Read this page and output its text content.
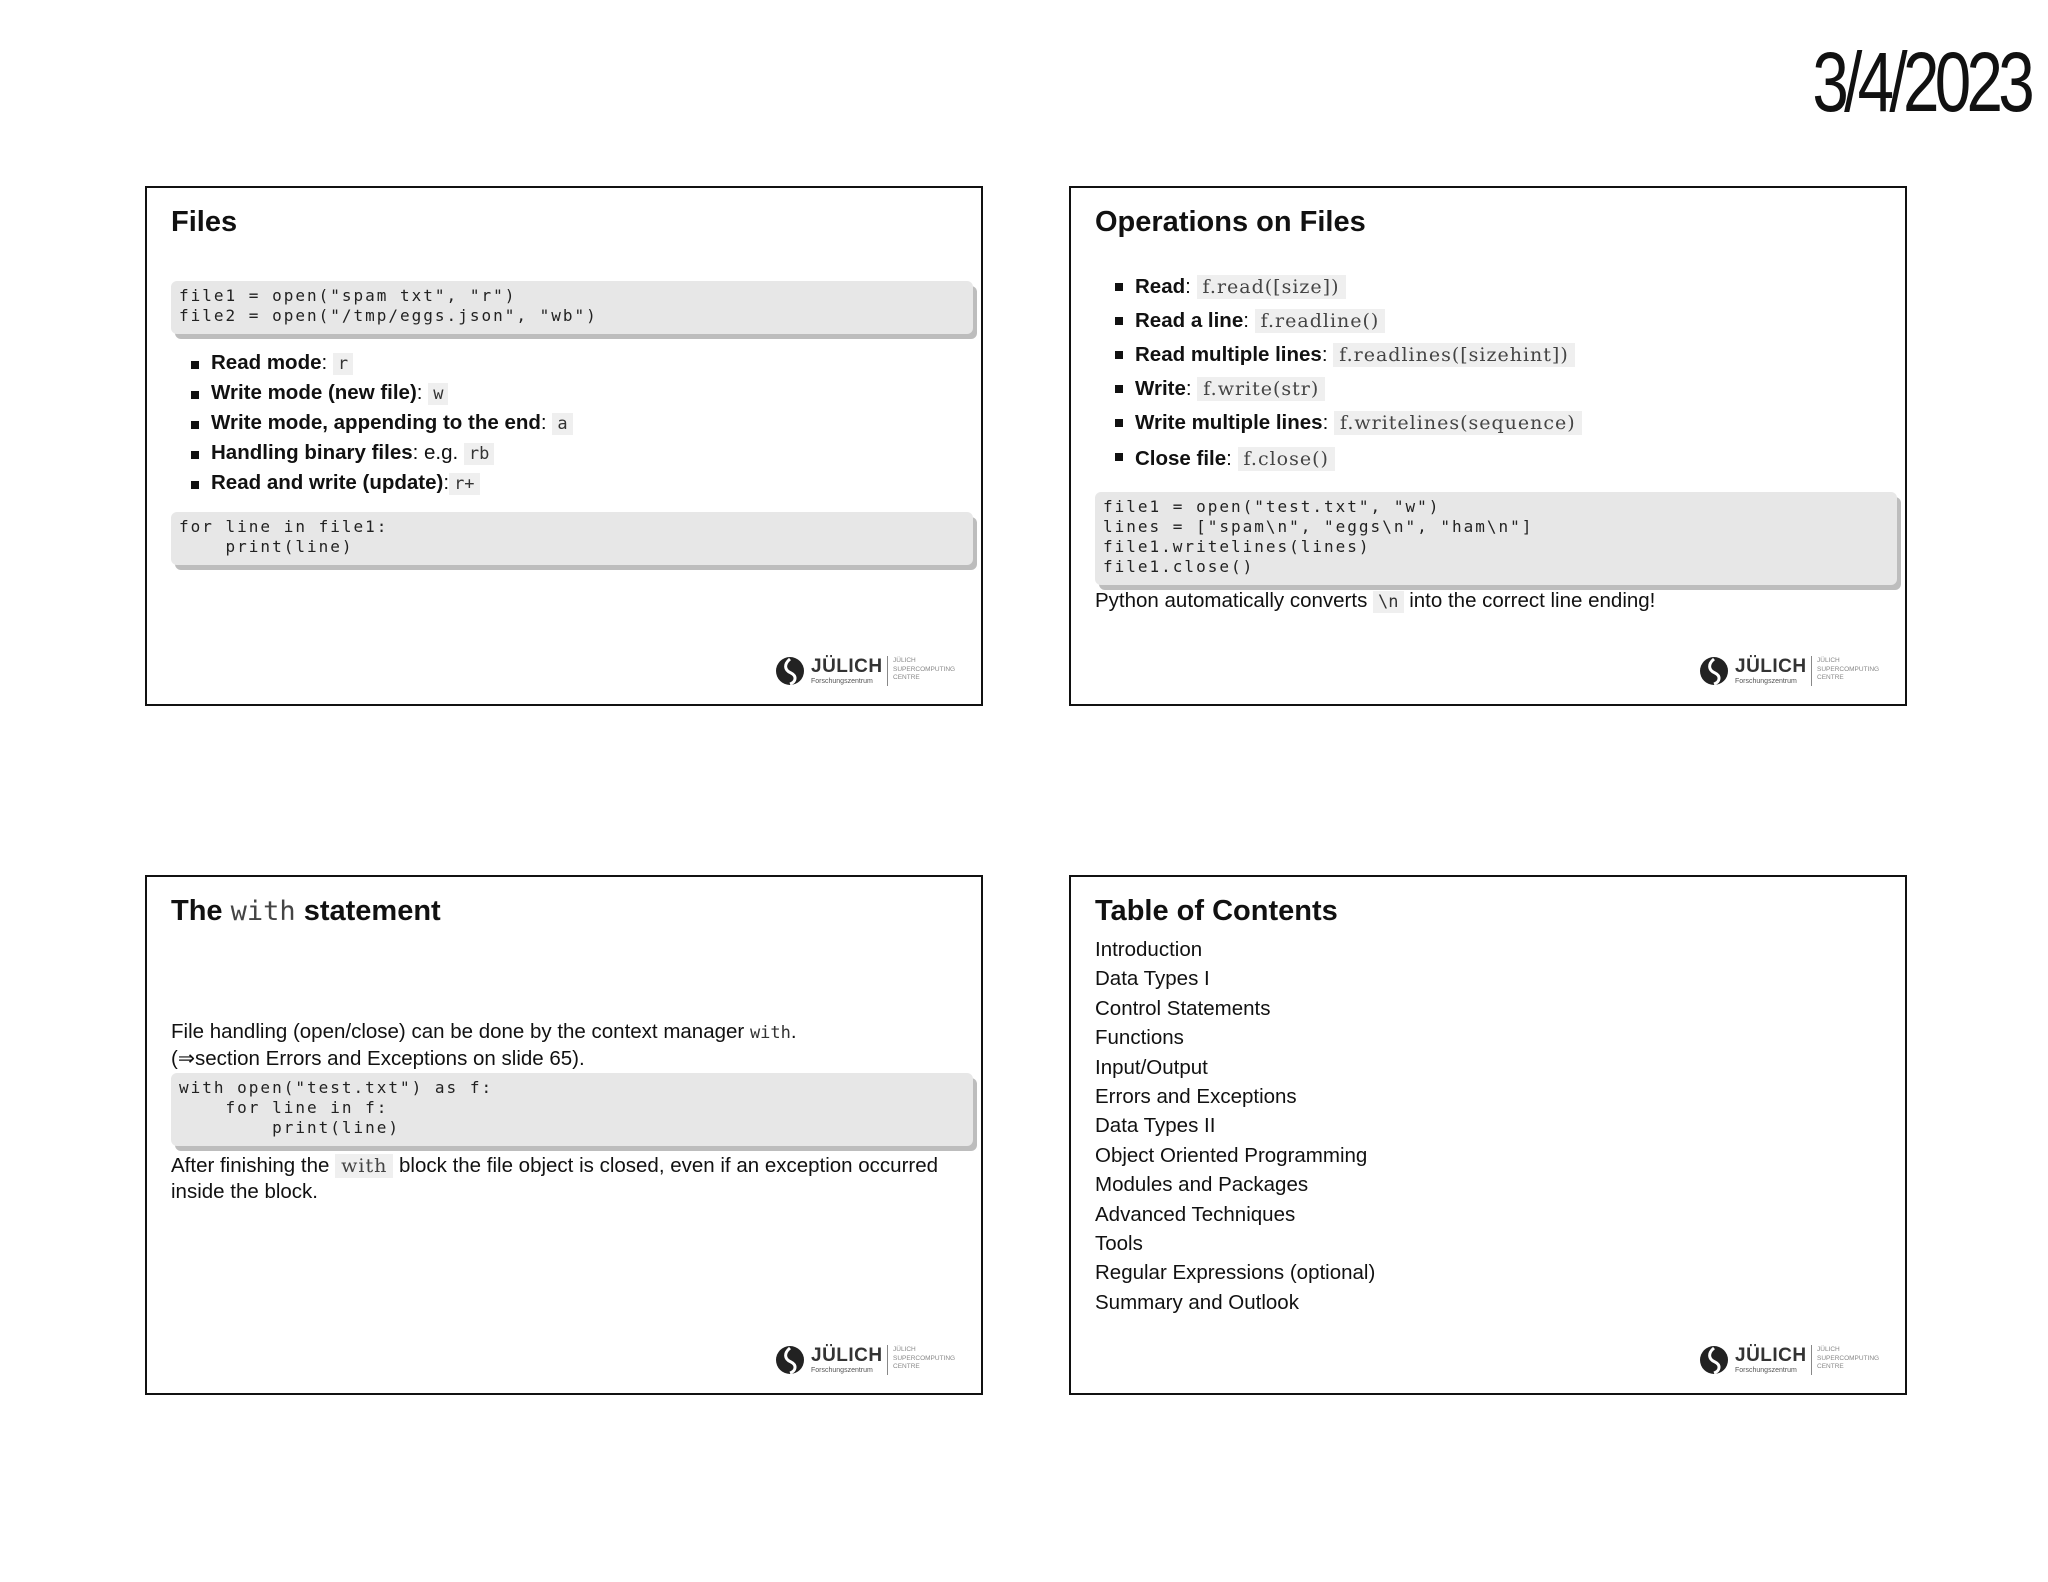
3/4/2023
Files
file1 = open("spam txt", "r")
file2 = open("/tmp/eggs.json", "wb")
Read mode: r
Write mode (new file): w
Write mode, appending to the end: a
Handling binary files: e.g. rb
Read and write (update): r+
for line in file1:
print(line)
JÜLICH
Forschungszentrum
JÜLICH SUPERCOMPUTING CENTRE
Operations on Files
Read: f.read([size])
Read a line: f.readline()
Read multiple lines: f.readlines([sizehint])
Write: f.write(str)
Write multiple lines: f.writelines(sequence)
Close file: f.close()
file1 = open("test.txt", "w")
lines = ["spam\n", "eggs\n", "ham\n"]
file1.writelines(lines)
file1.close()
Python automatically converts \n into the correct line ending!
JÜLICH
Forschungszentrum
JÜLICH SUPERCOMPUTING CENTRE
The with statement
File handling (open/close) can be done by the context manager with.
(⇒section Errors and Exceptions on slide 65).
with open("test.txt") as f:
for line in f:
print(line)
After finishing the with block the file object is closed, even if an exception occurred
inside the block.
JÜLICH
Forschungszentrum
JÜLICH SUPERCOMPUTING CENTRE
Table of Contents
Introduction
Data Types I
Control Statements
Functions
Input/Output
Errors and Exceptions
Data Types II
Object Oriented Programming
Modules and Packages
Advanced Techniques
Tools
Regular Expressions (optional)
Summary and Outlook
JÜLICH
Forschungszentrum
JÜLICH SUPERCOMPUTING CENTRE
